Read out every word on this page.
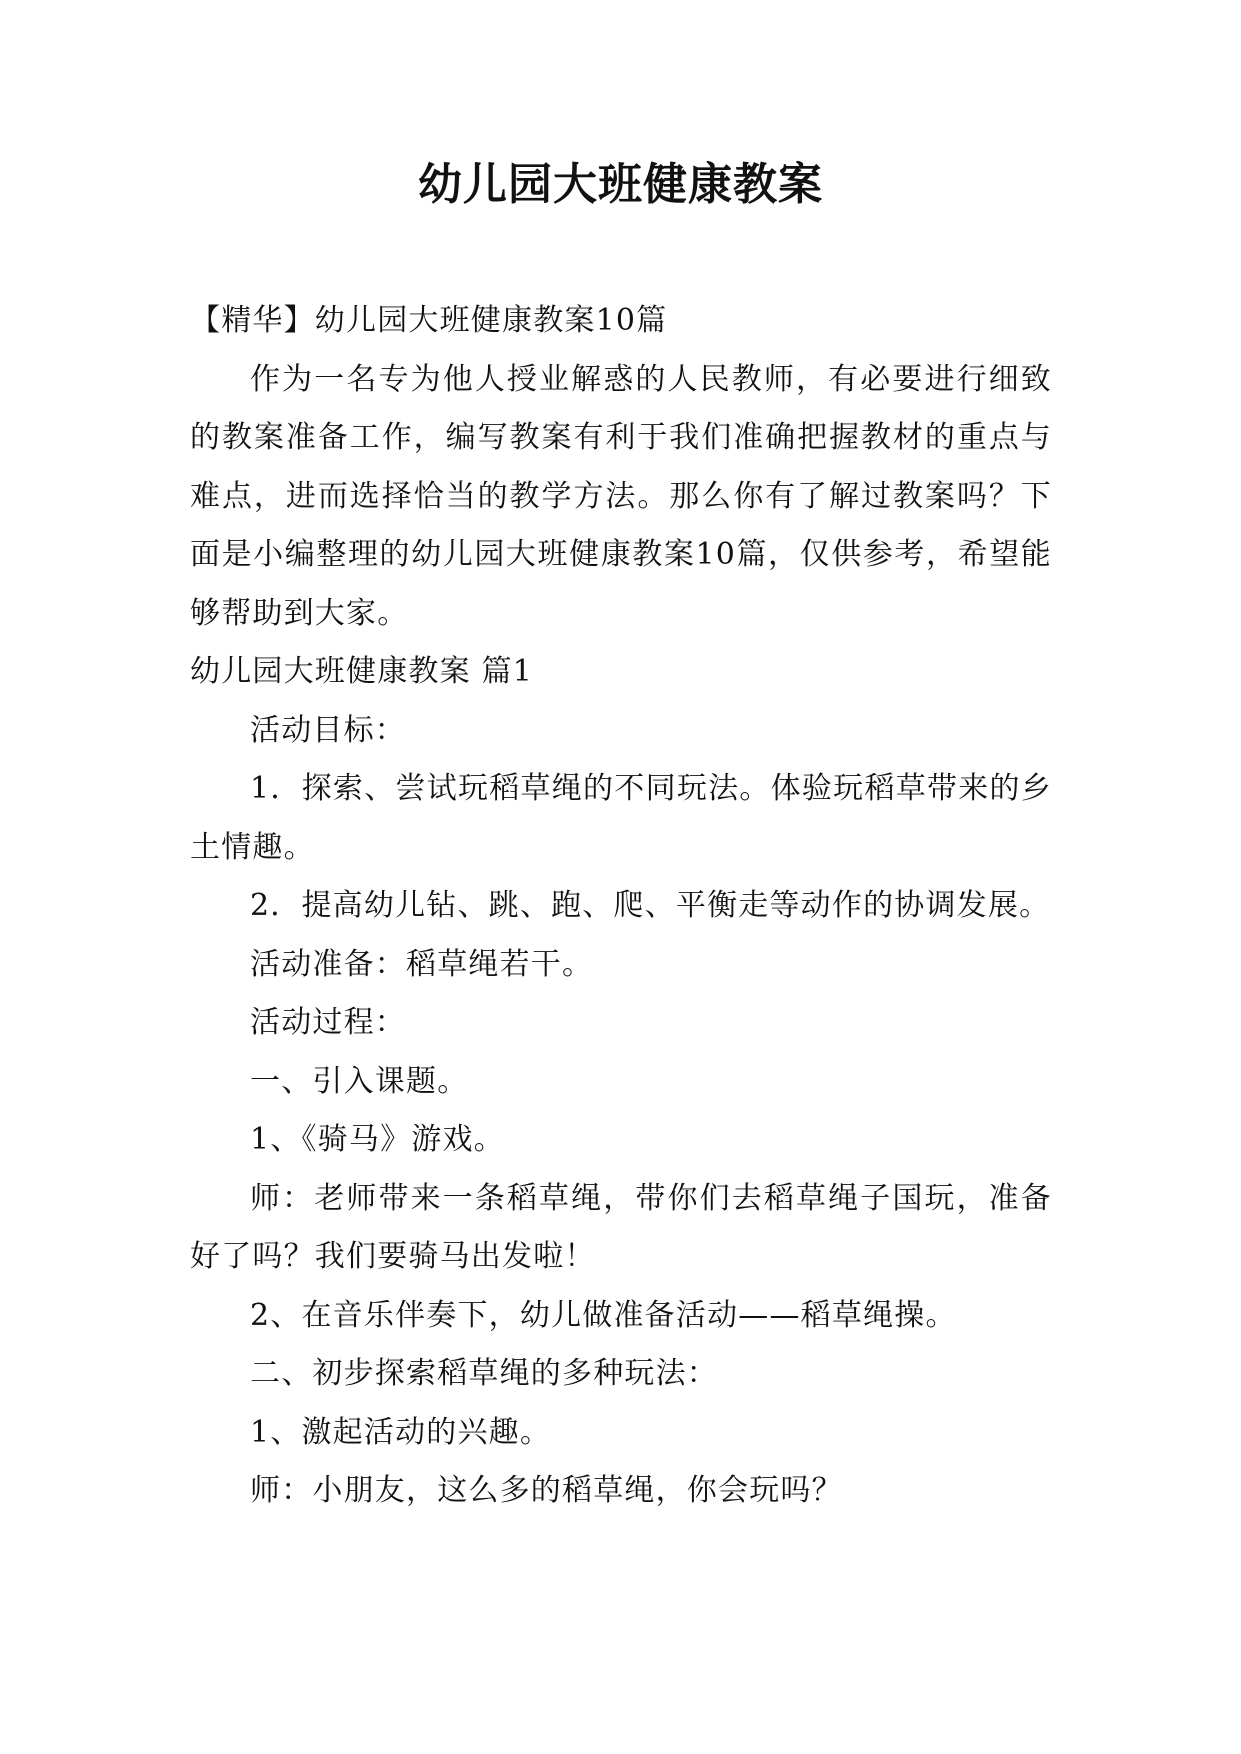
幼儿园大班健康教案

【精华】幼儿园大班健康教案10篇

作为一名专为他人授业解惑的人民教师，有必要进行细致的教案准备工作，编写教案有利于我们准确把握教材的重点与难点，进而选择恰当的教学方法。那么你有了解过教案吗？下面是小编整理的幼儿园大班健康教案10篇，仅供参考，希望能够帮助到大家。

幼儿园大班健康教案 篇1

活动目标：

1．探索、尝试玩稻草绳的不同玩法。体验玩稻草带来的乡土情趣。

2．提高幼儿钻、跳、跑、爬、平衡走等动作的协调发展。

活动准备：稻草绳若干。

活动过程：

一、引入课题。

1、《骑马》游戏。

师：老师带来一条稻草绳，带你们去稻草绳子国玩，准备好了吗？我们要骑马出发啦！

2、在音乐伴奏下，幼儿做准备活动——稻草绳操。

二、初步探索稻草绳的多种玩法：

1、激起活动的兴趣。

师：小朋友，这么多的稻草绳，你会玩吗？
